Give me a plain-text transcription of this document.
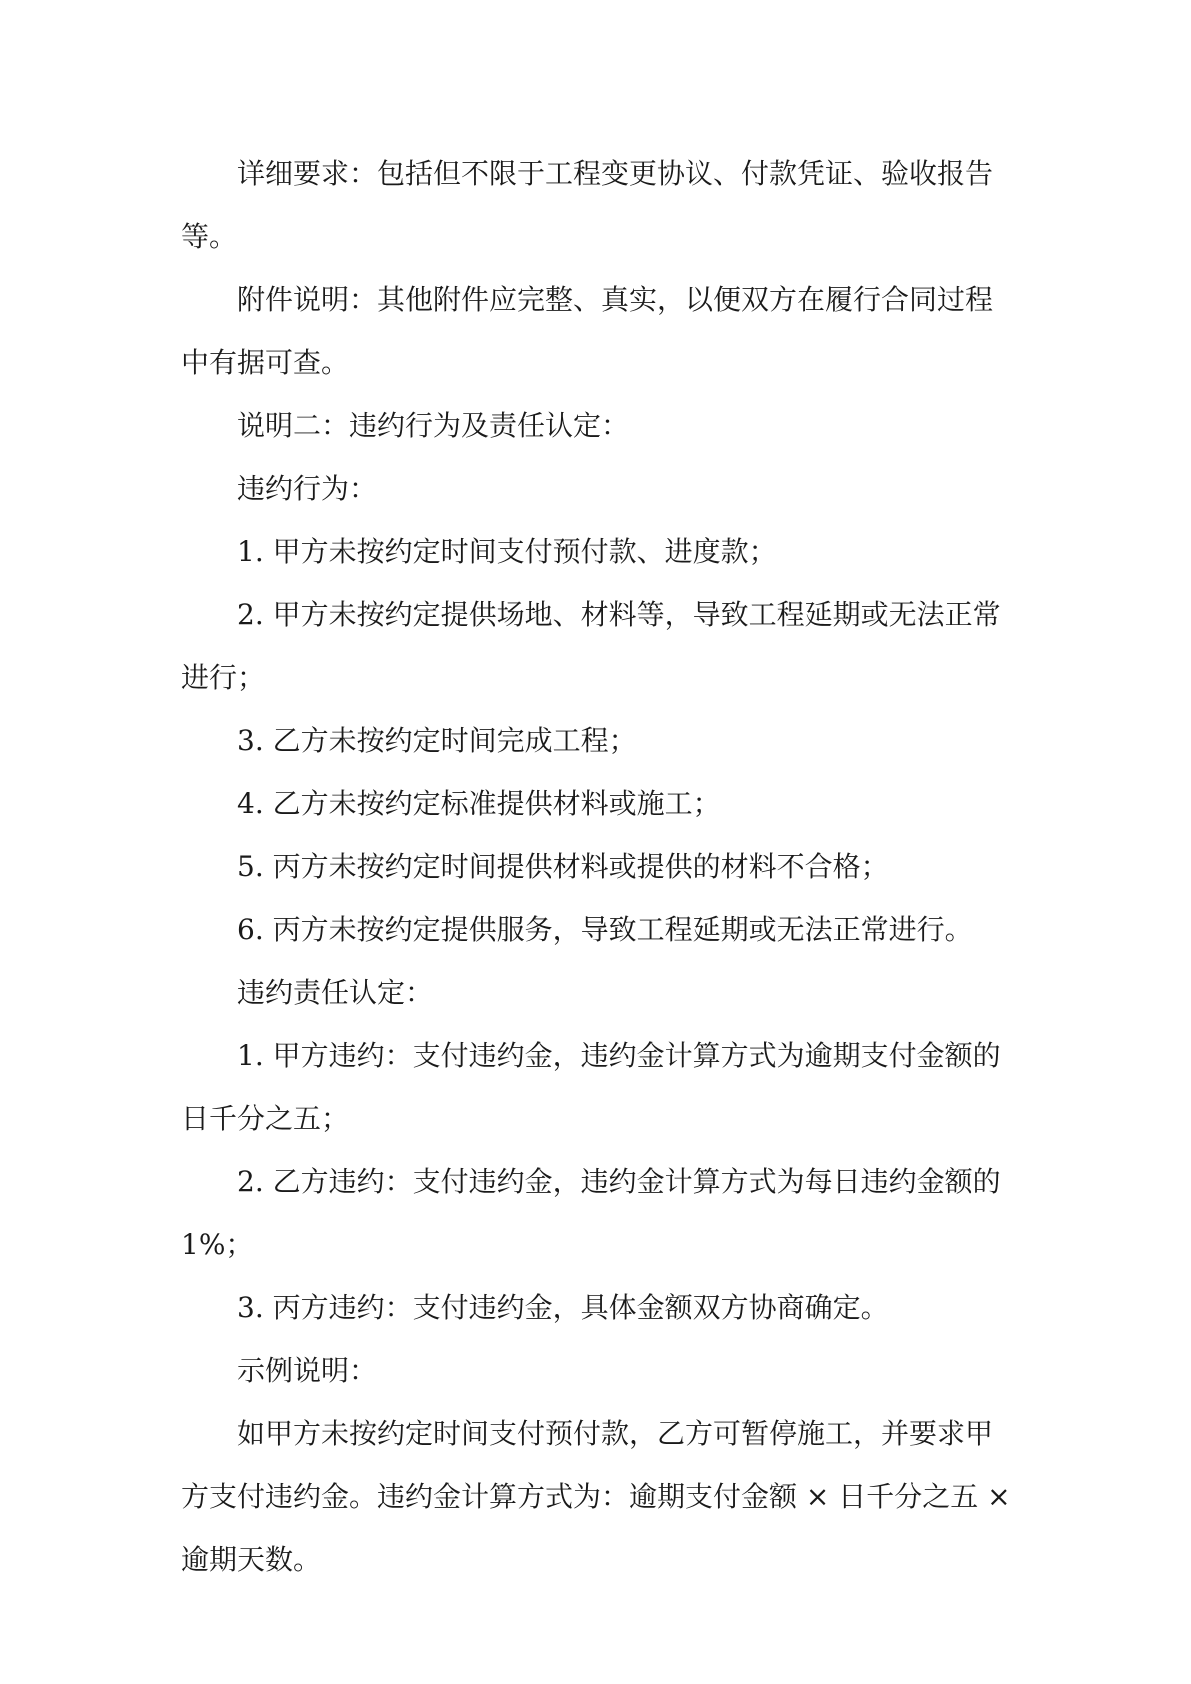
详细要求：包括但不限于工程变更协议、付款凭证、验收报告等。

附件说明：其他附件应完整、真实，以便双方在履行合同过程中有据可查。

说明二：违约行为及责任认定：

违约行为：

1. 甲方未按约定时间支付预付款、进度款；

2. 甲方未按约定提供场地、材料等，导致工程延期或无法正常进行；

3. 乙方未按约定时间完成工程；

4. 乙方未按约定标准提供材料或施工；

5. 丙方未按约定时间提供材料或提供的材料不合格；

6. 丙方未按约定提供服务，导致工程延期或无法正常进行。

违约责任认定：

1. 甲方违约：支付违约金，违约金计算方式为逾期支付金额的日千分之五；

2. 乙方违约：支付违约金，违约金计算方式为每日违约金额的1%；

3. 丙方违约：支付违约金，具体金额双方协商确定。

示例说明：

如甲方未按约定时间支付预付款，乙方可暂停施工，并要求甲方支付违约金。违约金计算方式为：逾期支付金额 × 日千分之五 ×逾期天数。
